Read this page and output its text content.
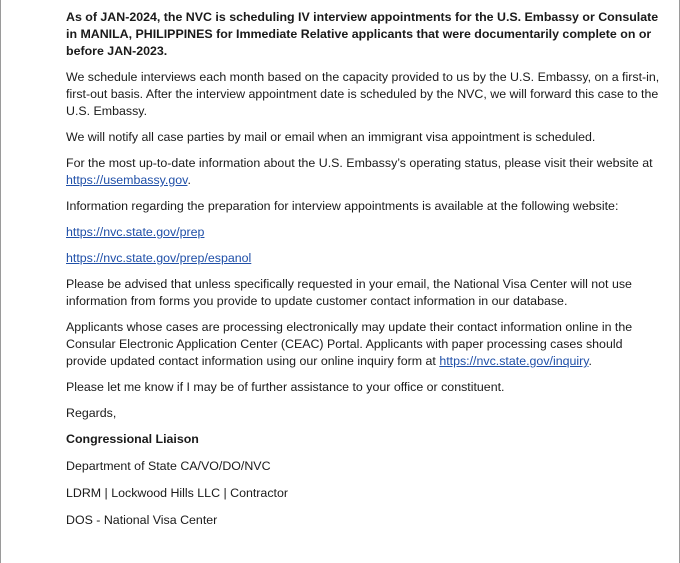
As of JAN-2024, the NVC is scheduling IV interview appointments for the U.S. Embassy or Consulate in MANILA, PHILIPPINES for Immediate Relative applicants that were documentarily complete on or before JAN-2023.

We schedule interviews each month based on the capacity provided to us by the U.S. Embassy, on a first-in, first-out basis. After the interview appointment date is scheduled by the NVC, we will forward this case to the U.S. Embassy.

We will notify all case parties by mail or email when an immigrant visa appointment is scheduled.

For the most up-to-date information about the U.S. Embassy’s operating status, please visit their website at https://usembassy.gov.

Information regarding the preparation for interview appointments is available at the following website:

https://nvc.state.gov/prep

https://nvc.state.gov/prep/espanol

Please be advised that unless specifically requested in your email, the National Visa Center will not use information from forms you provide to update customer contact information in our database.

Applicants whose cases are processing electronically may update their contact information online in the Consular Electronic Application Center (CEAC) Portal. Applicants with paper processing cases should provide updated contact information using our online inquiry form at https://nvc.state.gov/inquiry.

Please let me know if I may be of further assistance to your office or constituent.

Regards,

Congressional Liaison

Department of State CA/VO/DO/NVC

LDRM | Lockwood Hills LLC | Contractor

DOS - National Visa Center
